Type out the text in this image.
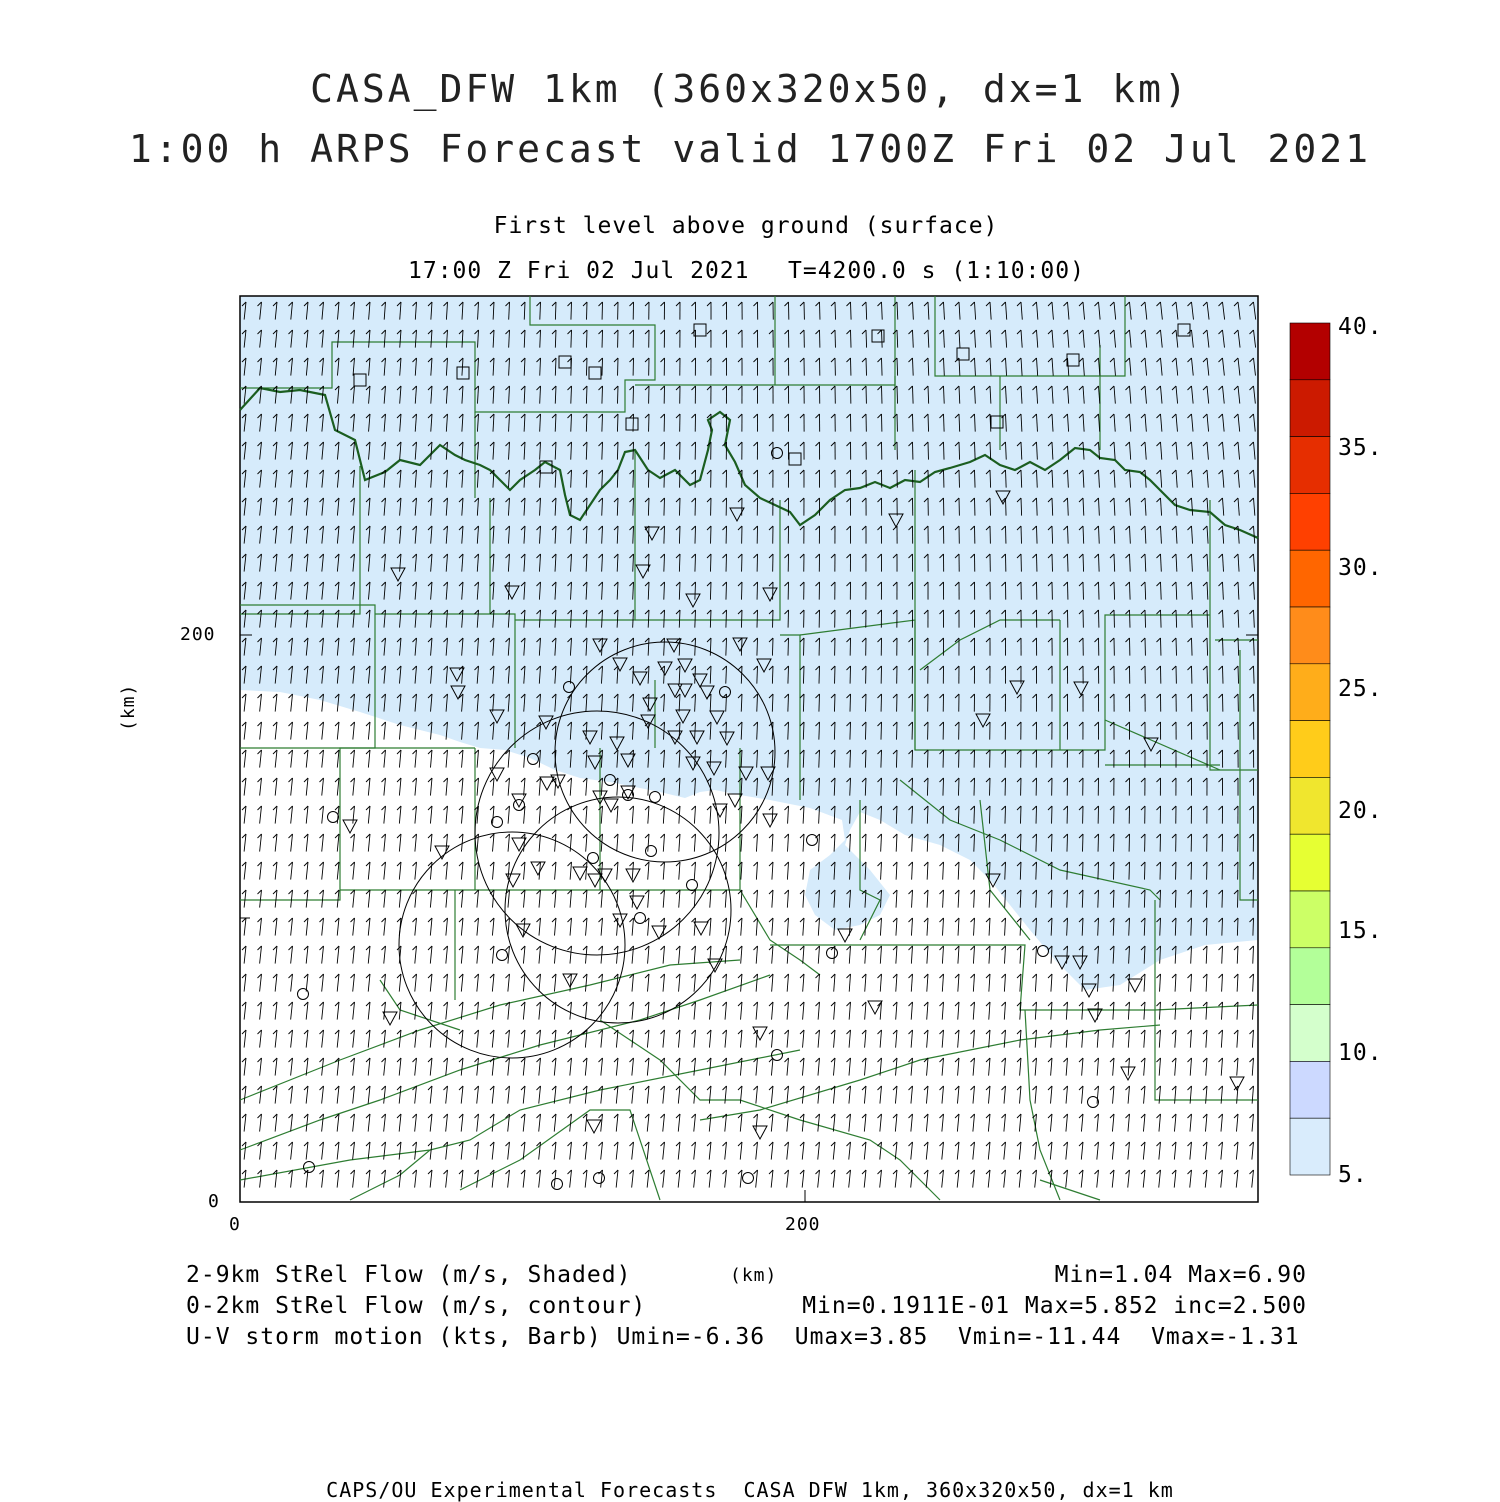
CASA_DFW 1km (360x320x50, dx=1 km)
1:00 h ARPS Forecast valid 1700Z Fri 02 Jul 2021
First level above ground (surface)
17:00 Z Fri 02 Jul 2021 T=4200.0 s (1:10:00)
(km)
200
0
0	200
(km)
2-9km StRel Flow (m/s, Shaded)	Min=1.04 Max=6.90
0-2km StRel Flow (m/s, contour)	Min=0.1911E-01 Max=5.852 inc=2.500
U-V storm motion (kts, Barb) Umin=-6.36  Umax=3.85  Vmin=-11.44  Vmax=-1.31
40.
35.
30.
25.
20.
15.
10.
5.
CAPS/OU Experimental Forecasts  CASA DFW 1km, 360x320x50, dx=1 km
